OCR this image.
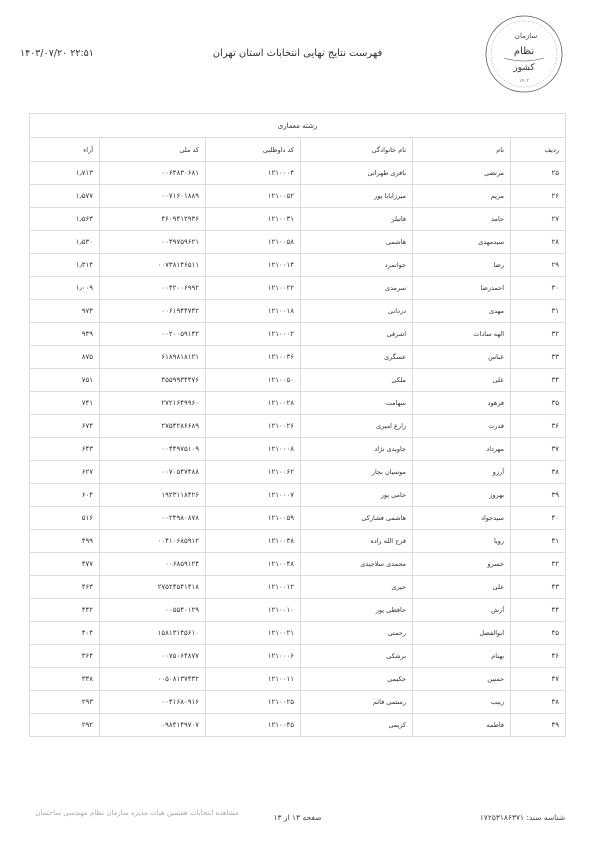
سازمان
نظام
کشور
۱۴۰۳
فهرست نتایج نهایی انتخابات استان تهران
۱۴۰۳/۰۷/۲۰ ۲۲:۵۱
رشته معماری					
ردیف	نام	نام خانوادگی	کد داوطلبی	کد ملی	آراء
۲۵	مرتضی	باقری طهرانی	۱۲۱۰۰۰۴	۰۰۶۴۸۳۰۶۸۱	۱٫۷۱۳
۲۶	مریم	میرزابابا پور	۱۲۱۰۰۵۲	۰۰۷۱۶۰۱۸۸۹	۱٫۵۷۷
۲۷	حامد	فاتیلر	۱۲۱۰۰۳۱	۴۶۰۹۴۱۲۹۳۶	۱٫۵۶۳
۲۸	سیدمهدی	هاشمی	۱۲۱۰۰۵۸	۰۰۴۹۷۵۹۶۲۱	۱٫۵۳۰
۲۹	رضا	جوانمرد	۱۲۱۰۰۱۴	۰۰۷۳۸۱۴۶۵۱۱	۱٫۳۱۴
۳۰	احمدرضا	سرمدی	۱۲۱۰۰۲۲	۰۰۴۲۰۰۶۹۹۲	۱٫۰۰۹
۳۱	مهدی	دردانی	۱۲۱۰۰۱۸	۰۰۶۱۹۴۴۷۴۲	۹۷۴
۳۲	الهه سادات	اشرفی	۱۲۱۰۰۰۲	۰۰۲۰۰۵۹۱۴۲	۹۴۹
۳۳	عباس	عسگری	۱۲۱۰۰۳۶	۶۱۸۹۸۱۸۱۲۱	۸۷۵
۳۴	علی	ملکی	۱۲۱۰۰۵۰	۴۵۵۹۹۳۴۴۷۶	۷۵۱
۳۵	فرهود	سهامت	۱۲۱۰۰۲۸	۲۷۲۱۶۴۹۹۶۰	۷۴۱
۳۶	قدرت	زارع امیری	۱۲۱۰۰۲۶	۲۷۵۴۲۸۶۶۸۹	۶۷۴
۳۷	مهرداد	جاویدی نژاد	۱۲۱۰۰۰۸	۰۰۴۴۹۷۵۱۰۹	۶۴۳
۳۸	آرزو	موسیان بجار	۱۲۱۰۰۶۲	۰۰۷۰۵۴۷۴۸۸	۶۲۷
۳۹	بهروز	حامی پور	۱۲۱۰۰۰۷	۱۹۲۳۱۱۸۴۲۶	۶۰۴
۴۰	سیدجواد	هاشمی فشارکی	۱۲۱۰۰۵۹	۰۰۲۴۹۸۰۸۷۸	۵۱۶
۴۱	رویا	فرج الله زاده	۱۲۱۰۰۳۸	۰۰۴۱۰۶۸۵۹۱۲	۴۹۹
۴۲	خسرو	محمدی سلاجیدی	۱۲۱۰۰۴۸	۰۰۶۸۵۹۱۲۴	۴۷۷
۴۳	علی	حیری	۱۲۱۰۰۱۲	۲۷۵۲۴۵۴۱۴۱۸	۴۶۳
۴۴	آرش	حافظی پور	۱۲۱۰۰۱۰	۰۰۵۵۴۰۱۲۹	۴۴۲
۴۵	ابوالفضل	رحمتی	۱۲۱۰۰۲۱	۱۵۸۱۳۱۴۵۶۱۰	۴۰۴
۴۶	بهنام	برشکی	۱۲۱۰۰۰۶	۰۰۷۵۰۶۴۸۷۷	۳۶۴
۴۷	حسین	جکیمی	۱۲۱۰۰۱۱	۰۰۵۰۸۱۳۷۴۳۲	۳۳۸
۴۸	زینب	رستمی قائم	۱۲۱۰۰۲۵	۰۰۴۱۶۸۰۹۱۶	۲۹۳
۴۹	فاطمه	کریمی	۱۲۱۰۰۴۵	۰۹۸۴۱۴۹۷۰۷	۲۹۲
مشاهده انتخابات هفتمین هیات مدیره سازمان نظام مهندسی ساختمان	صفحه ۱۳ از ۱۳	شناسه سند: ۱۷۲۵۳۱۸۶۳۷۱
